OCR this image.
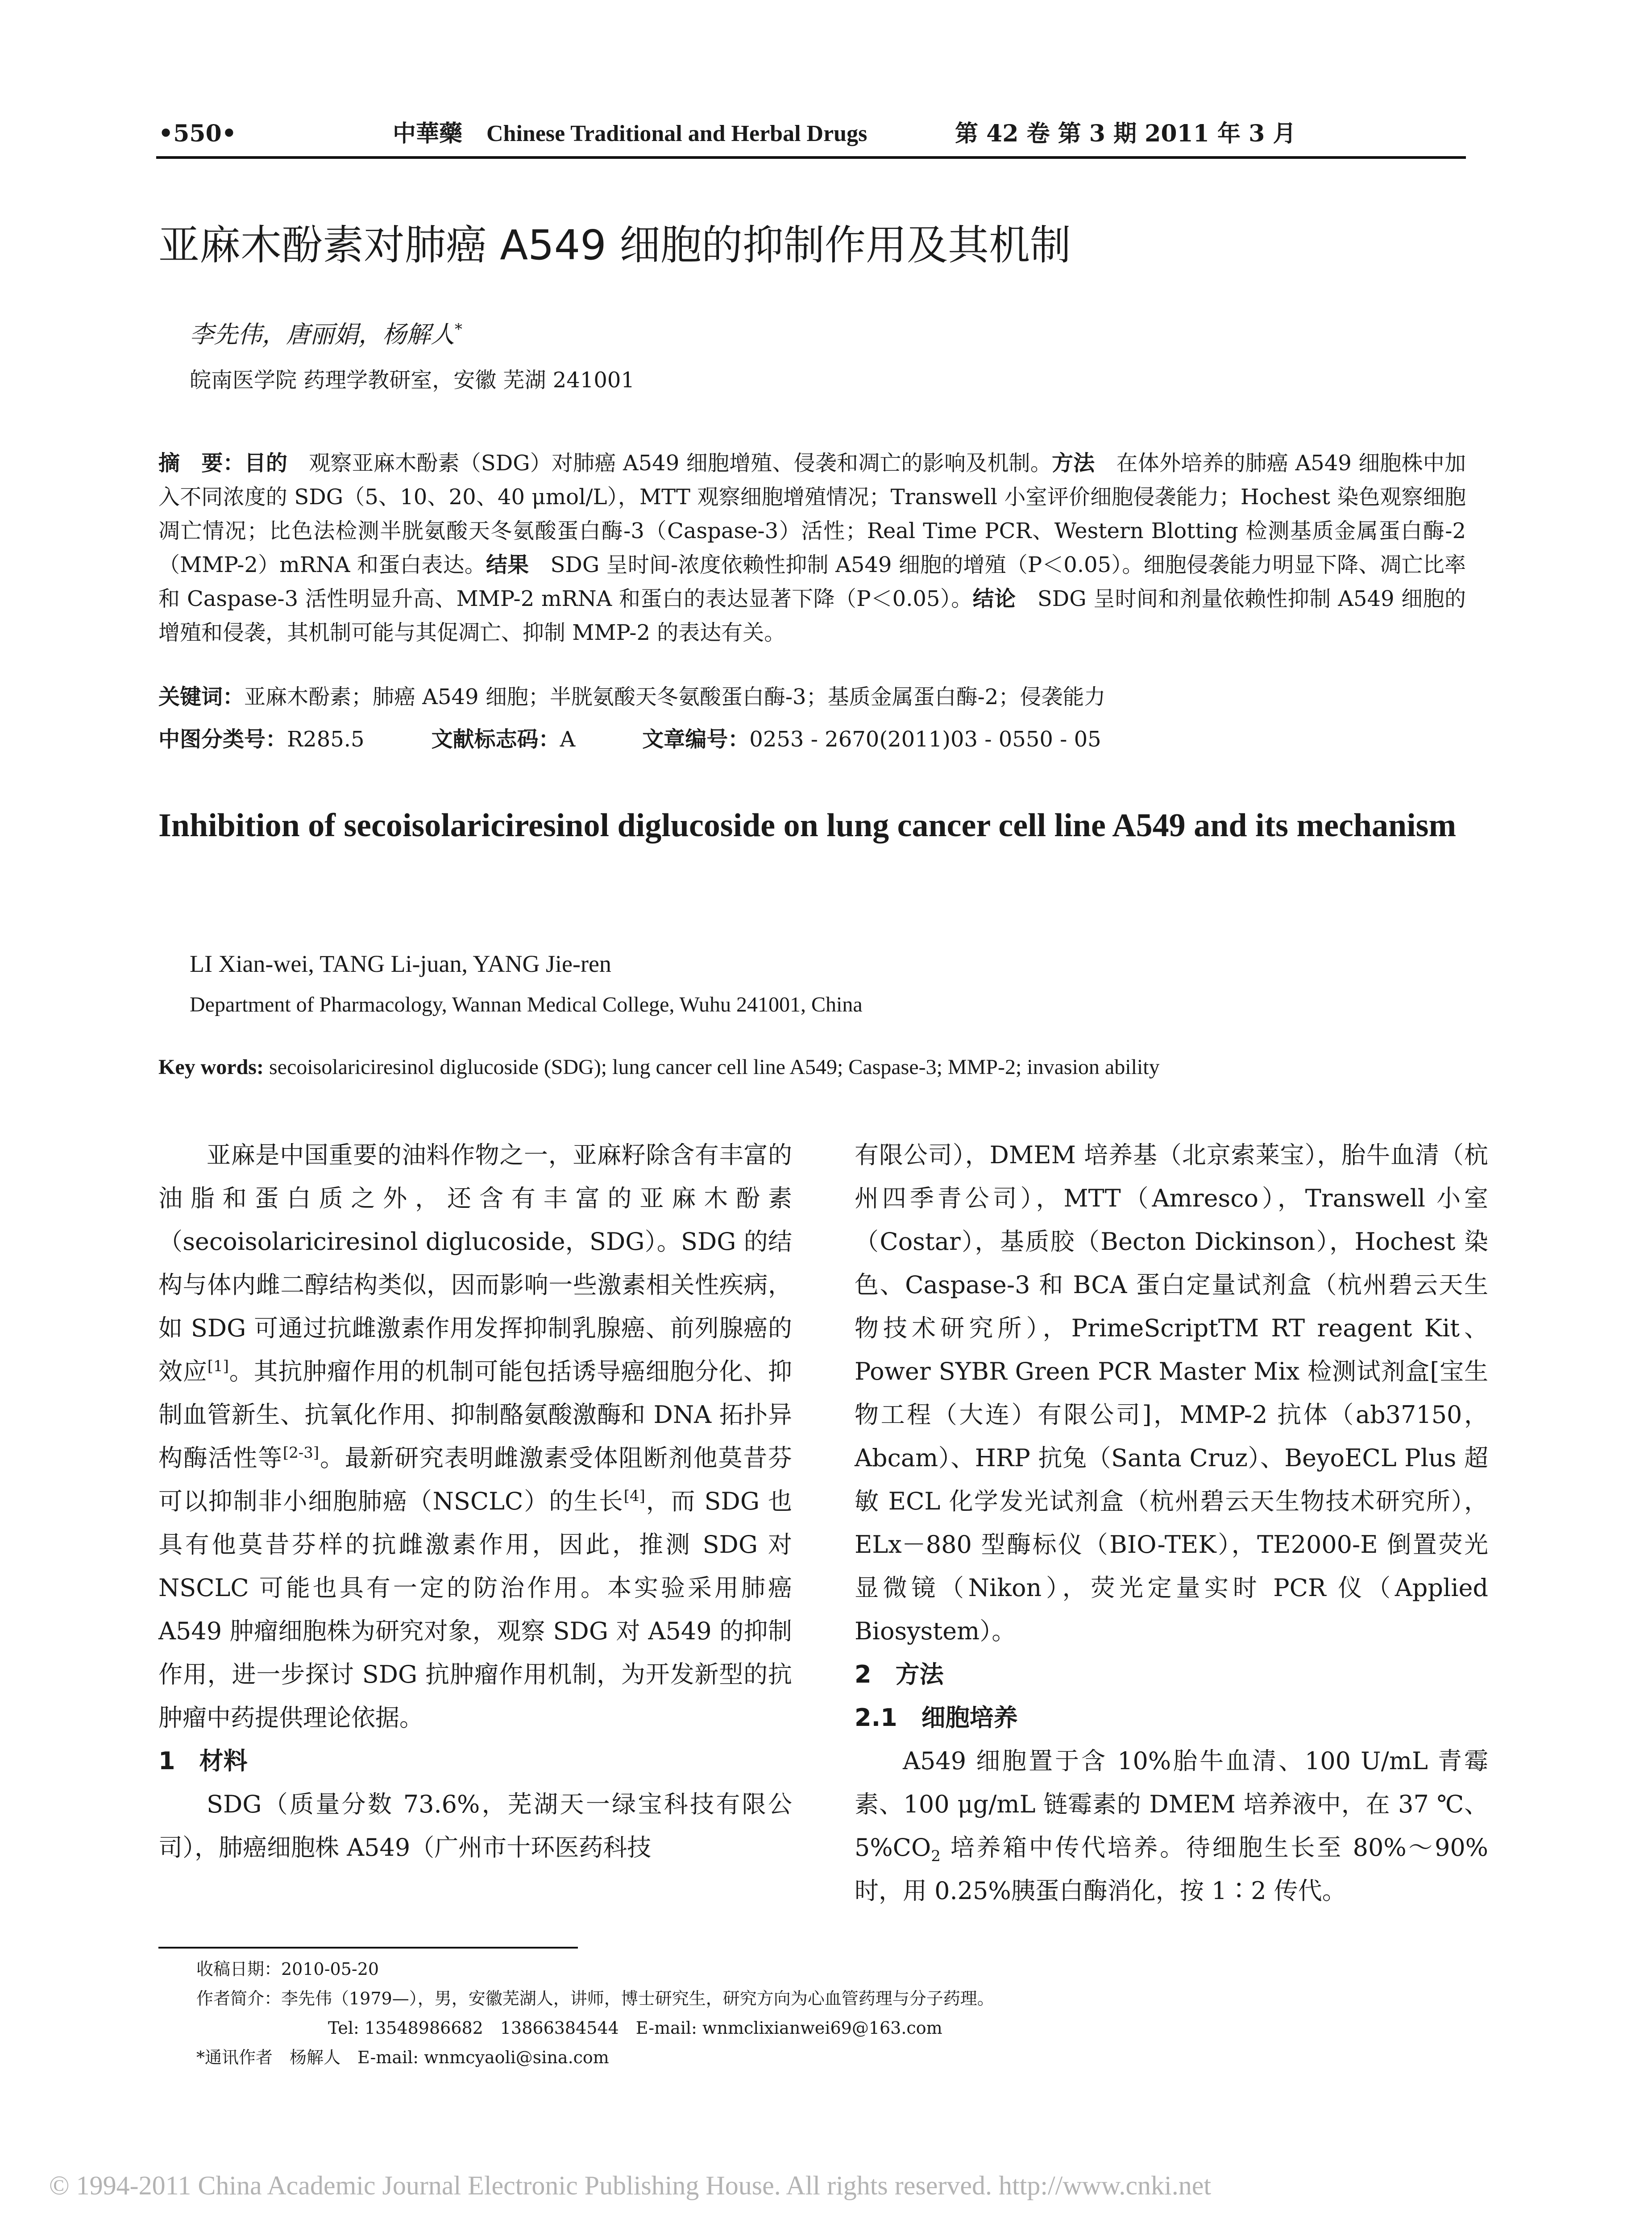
•550•	中華藥 Chinese Traditional and Herbal Drugs	第 42 卷 第 3 期 2011 年 3 月
亚麻木酚素对肺癌 A549 细胞的抑制作用及其机制
李先伟，唐丽娟，杨解人*
皖南医学院 药理学教研室，安徽 芜湖 241001
摘　要：目的　 观察亚麻木酚素（SDG）对肺癌 A549 细胞增殖、侵袭和凋亡的影响及机制。方法　 在体外培养的肺癌 A549 细胞株中加入不同浓度的 SDG（5、10、20、40 μmol/L），MTT 观察细胞增殖情况；Transwell 小室评价细胞侵袭能力；Hochest 染色观察细胞凋亡情况；比色法检测半胱氨酸天冬氨酸蛋白酶-3（Caspase-3）活性；Real Time PCR、Western Blotting 检测基质金属蛋白酶-2（MMP-2）mRNA 和蛋白表达。结果　 SDG 呈时间-浓度依赖性抑制 A549 细胞的增殖（P＜0.05）。细胞侵袭能力明显下降、凋亡比率和 Caspase-3 活性明显升高、MMP-2 mRNA 和蛋白的表达显著下降（P＜0.05）。结论　 SDG 呈时间和剂量依赖性抑制 A549 细胞的增殖和侵袭，其机制可能与其促凋亡、抑制 MMP-2 的表达有关。
关键词：亚麻木酚素；肺癌 A549 细胞；半胱氨酸天冬氨酸蛋白酶-3；基质金属蛋白酶-2；侵袭能力
中图分类号：R285.5	文献标志码：A	文章编号：0253 - 2670(2011)03 - 0550 - 05
Inhibition of secoisolariciresinol diglucoside on lung cancer cell line A549 and its mechanism
LI Xian-wei, TANG Li-juan, YANG Jie-ren
Department of Pharmacology, Wannan Medical College, Wuhu 241001, China
Key words: secoisolariciresinol diglucoside (SDG); lung cancer cell line A549; Caspase-3; MMP-2; invasion ability

亚麻是中国重要的油料作物之一，亚麻籽除含有丰富的油脂和蛋白质之外，还含有丰富的亚麻木酚素（secoisolariciresinol diglucoside，SDG）。SDG 的结构与体内雌二醇结构类似，因而影响一些激素相关性疾病，如 SDG 可通过抗雌激素作用发挥抑制乳腺癌、前列腺癌的效应[1]。其抗肿瘤作用的机制可能包括诱导癌细胞分化、抑制血管新生、抗氧化作用、抑制酪氨酸激酶和 DNA 拓扑异构酶活性等[2-3]。最新研究表明雌激素受体阻断剂他莫昔芬可以抑制非小细胞肺癌（NSCLC）的生长[4]，而 SDG 也具有他莫昔芬样的抗雌激素作用，因此，推测 SDG 对 NSCLC 可能也具有一定的防治作用。本实验采用肺癌 A549 肿瘤细胞株为研究对象，观察 SDG 对 A549 的抑制作用，进一步探讨 SDG 抗肿瘤作用机制，为开发新型的抗肿瘤中药提供理论依据。

1　材料

SDG（质量分数 73.6%，芜湖天一绿宝科技有限公司），肺癌细胞株 A549（广州市十环医药科技

有限公司），DMEM 培养基（北京索莱宝），胎牛血清（杭州四季青公司），MTT（Amresco），Transwell 小室（Costar），基质胶（Becton Dickinson），Hochest 染色、Caspase-3 和 BCA 蛋白定量试剂盒（杭州碧云天生物技术研究所），PrimeScriptTM RT reagent Kit、Power SYBR Green PCR Master Mix 检测试剂盒[宝生物工程（大连）有限公司]，MMP-2 抗体（ab37150，Abcam）、HRP 抗兔（Santa Cruz）、BeyoECL Plus 超敏 ECL 化学发光试剂盒（杭州碧云天生物技术研究所），ELx－880 型酶标仪（BIO-TEK），TE2000-E 倒置荧光显微镜（Nikon），荧光定量实时 PCR 仪（Applied Biosystem）。

2　方法

2.1　细胞培养

A549 细胞置于含 10%胎牛血清、100 U/mL 青霉素、100 μg/mL 链霉素的 DMEM 培养液中，在 37 ℃、$5\%CO_2$ 培养箱中传代培养。待细胞生长至 80%～90%时，用 0.25%胰蛋白酶消化，按 1∶2 传代。

收稿日期：2010-05-20
作者简介：李先伟（1979—），男，安徽芜湖人，讲师，博士研究生，研究方向为心血管药理与分子药理。
Tel: 13548986682　13866384544　E-mail: wnmclixianwei69@163.com
*通讯作者　杨解人　E-mail: wnmcyaoli@sina.com
© 1994-2011 China Academic Journal Electronic Publishing House. All rights reserved. http://www.cnki.net
